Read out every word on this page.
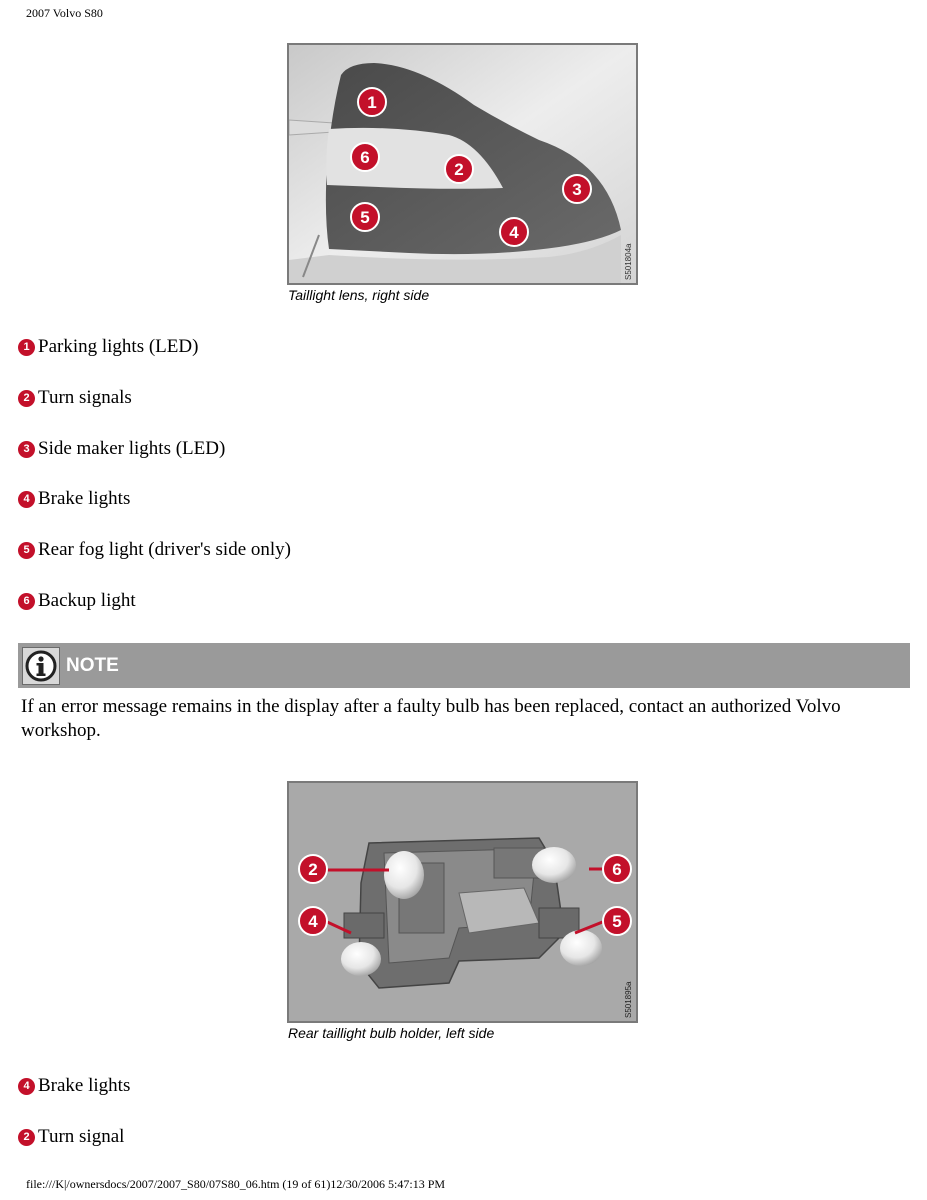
2007 Volvo S80
1
6
2
3
5
4
S501804a
Taillight lens, right side
1 Parking lights (LED)
2 Turn signals
3 Side maker lights (LED)
4 Brake lights
5 Rear fog light (driver's side only)
6 Backup light
NOTE
If an error message remains in the display after a faulty bulb has been replaced, contact an authorized Volvo workshop.
2	6
4	5
S501895a
Rear taillight bulb holder, left side
4 Brake lights
2 Turn signal
file:///K|/ownersdocs/2007/2007_S80/07S80_06.htm (19 of 61)12/30/2006 5:47:13 PM
